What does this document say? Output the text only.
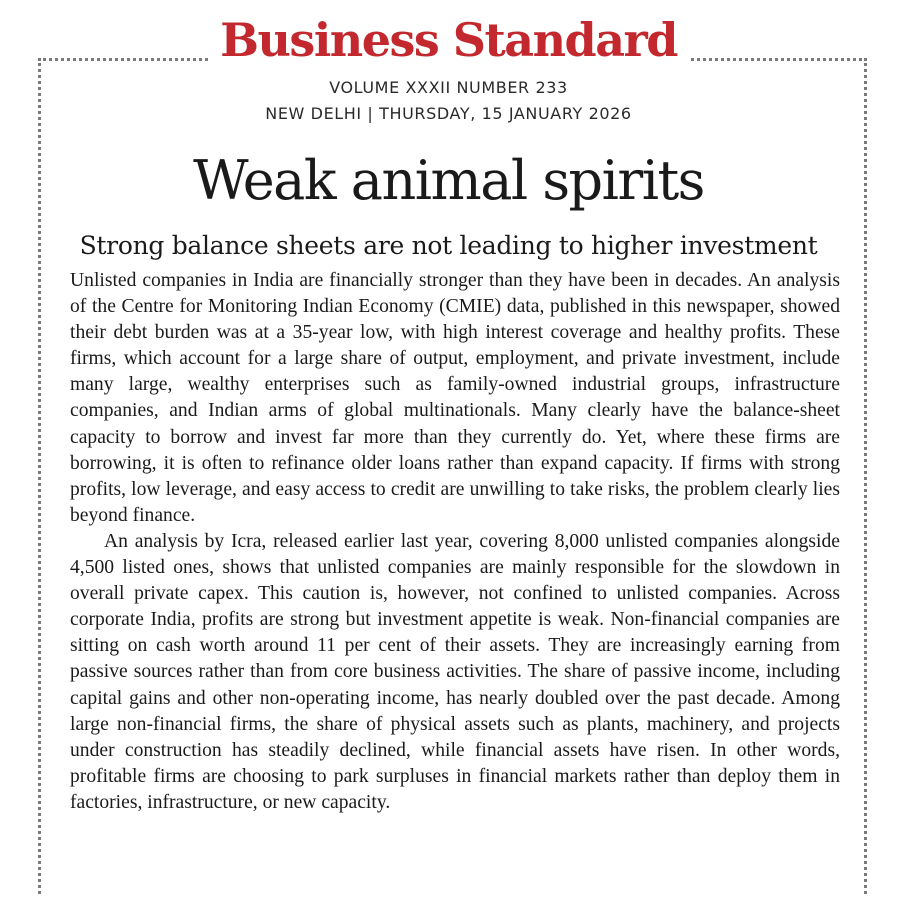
Business Standard
VOLUME XXXII NUMBER 233
NEW DELHI | THURSDAY, 15 JANUARY 2026
Weak animal spirits
Strong balance sheets are not leading to higher investment

Unlisted companies in India are financially stronger than they have been in decades. An analysis of the Centre for Monitoring Indian Economy (CMIE) data, published in this newspaper, showed their debt burden was at a 35-year low, with high interest coverage and healthy profits. These firms, which account for a large share of output, employment, and private investment, include many large, wealthy enterprises such as family-owned industrial groups, infrastructure companies, and Indian arms of global multinationals. Many clearly have the balance-sheet capacity to borrow and invest far more than they currently do. Yet, where these firms are borrowing, it is often to refinance older loans rather than expand capacity. If firms with strong profits, low leverage, and easy access to credit are unwilling to take risks, the problem clearly lies beyond finance.

An analysis by Icra, released earlier last year, covering 8,000 unlisted companies alongside 4,500 listed ones, shows that unlisted companies are mainly responsible for the slowdown in overall private capex. This caution is, however, not confined to unlisted companies. Across corporate India, profits are strong but investment appetite is weak. Non-financial companies are sitting on cash worth around 11 per cent of their assets. They are increasingly earning from passive sources rather than from core business activities. The share of passive income, including capital gains and other non-operating income, has nearly doubled over the past decade. Among large non-financial firms, the share of physical assets such as plants, machinery, and projects under construction has steadily declined, while financial assets have risen. In other words, profitable firms are choosing to park surpluses in financial markets rather than deploy them in factories, infrastructure, or new capacity.
